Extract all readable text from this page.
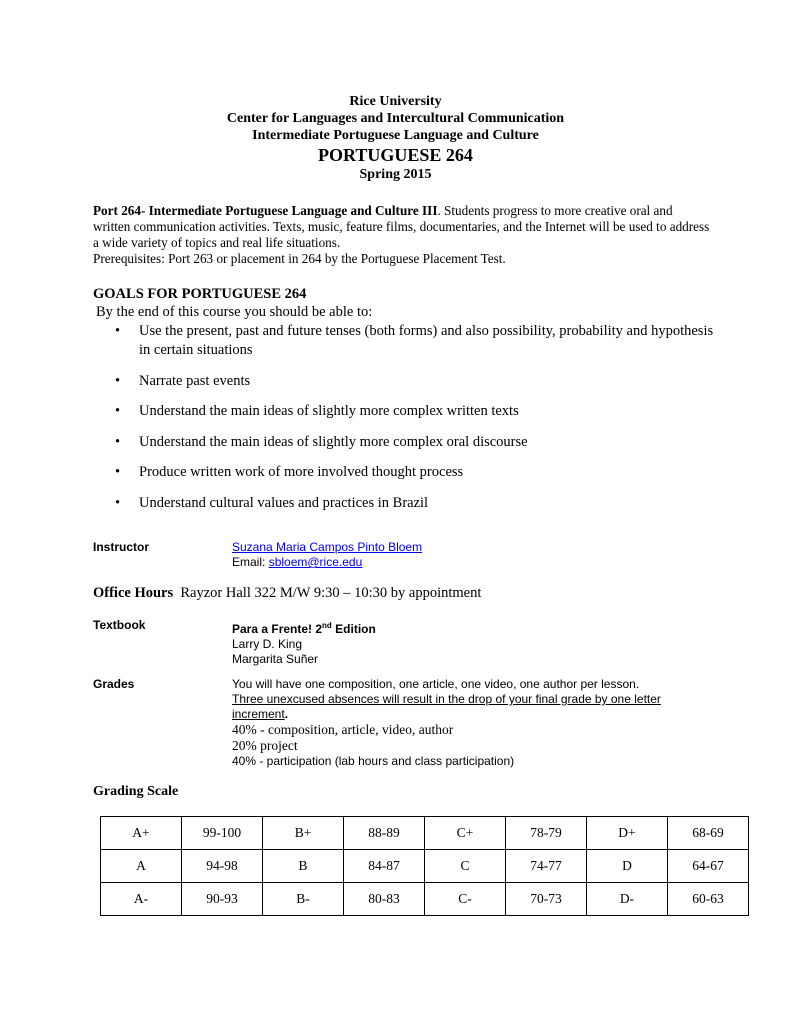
Rice University
Center for Languages and Intercultural Communication
Intermediate Portuguese Language and Culture
PORTUGUESE 264
Spring 2015
Port 264- Intermediate Portuguese Language and Culture III. Students progress to more creative oral and written communication activities. Texts, music, feature films, documentaries, and the Internet will be used to address a wide variety of topics and real life situations.
Prerequisites: Port 263 or placement in 264 by the Portuguese Placement Test.
GOALS FOR PORTUGUESE 264
By the end of this course you should be able to:
• Use the present, past and future tenses (both forms) and also possibility, probability and hypothesis in certain situations
• Narrate past events
• Understand the main ideas of slightly more complex written texts
• Understand the main ideas of slightly more complex oral discourse
• Produce written work of more involved thought process
• Understand cultural values and practices in Brazil
Instructor	Suzana Maria Campos Pinto Bloem
Email: sbloem@rice.edu
Office Hours Rayzor Hall 322 M/W 9:30 – 10:30 by appointment
Textbook	Para a Frente! 2nd Edition
Larry D. King
Margarita Suñer
Grades	You will have one composition, one article, one video, one author per lesson.
Three unexcused absences will result in the drop of your final grade by one letter increment.
40% - composition, article, video, author
20% project
40% - participation (lab hours and class participation)
Grading Scale
A+	99-100	B+	88-89	C+	78-79	D+	68-69
A	94-98	B	84-87	C	74-77	D	64-67
A-	90-93	B-	80-83	C-	70-73	D-	60-63
